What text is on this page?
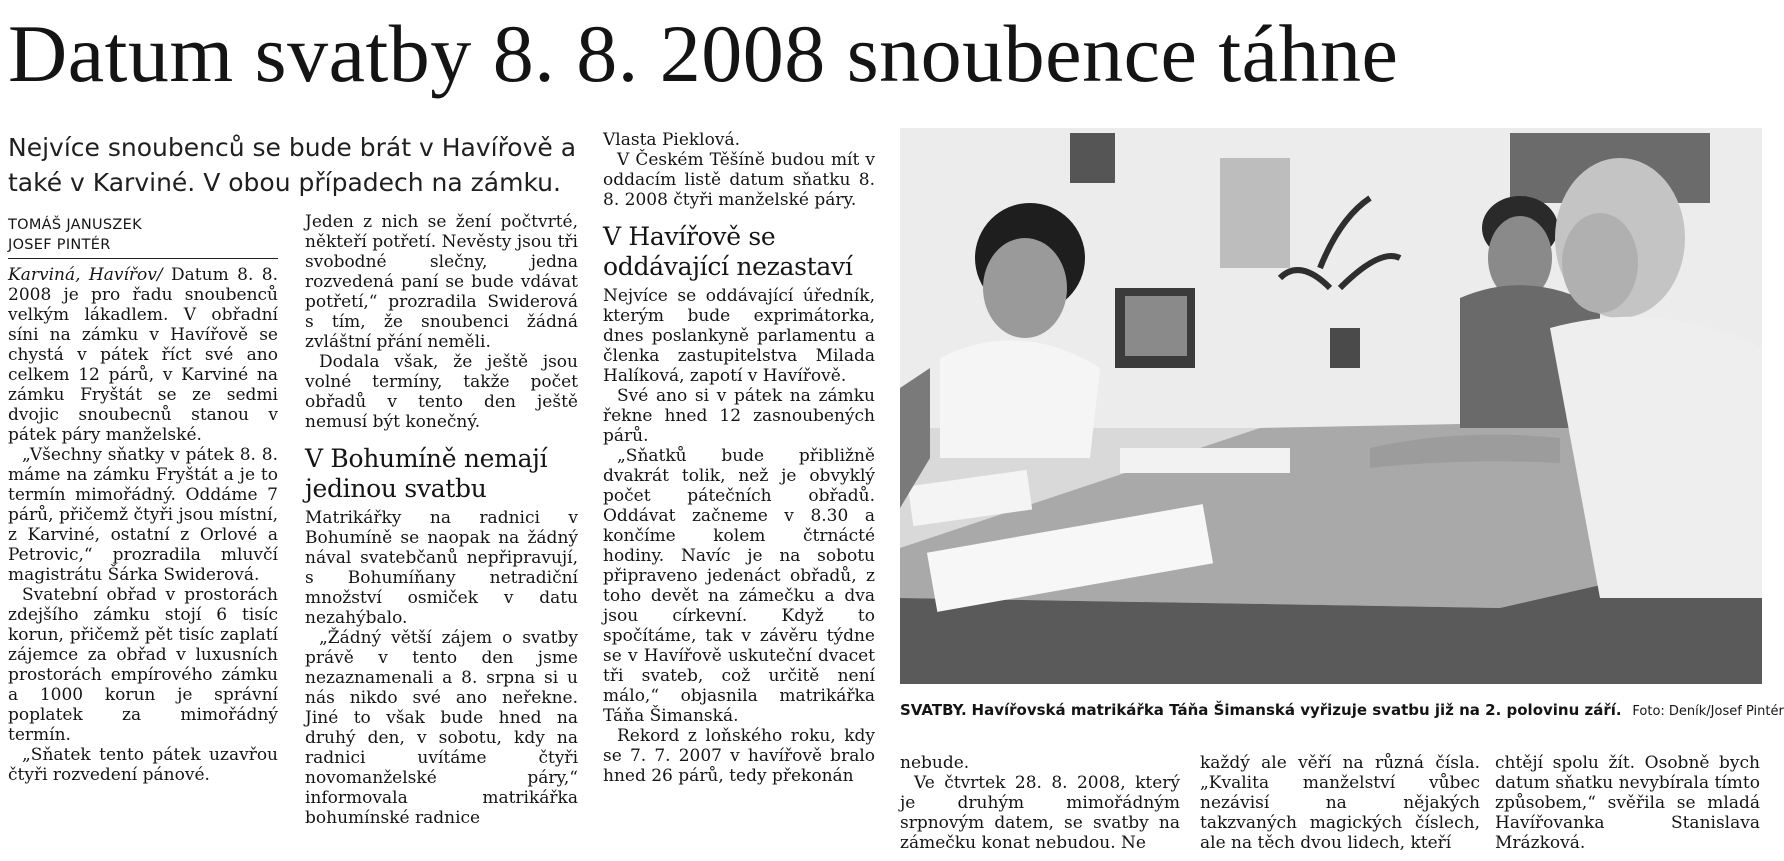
Datum svatby 8. 8. 2008 snoubence táhne
Nejvíce snoubenců se bude brát v Havířově a také v Karviné. V obou případech na zámku.
TOMÁŠ JANUSZEK
JOSEF PINTÉR

Karviná, Havířov/ Datum 8. 8. 2008 je pro řadu snoubenců velkým lákadlem. V obřadní síni na zámku v Havířově se chystá v pátek říct své ano celkem 12 párů, v Karviné na zámku Fryštát se ze sedmi dvojic snoubecnů stanou v pátek páry manželské.

„Všechny sňatky v pátek 8. 8. máme na zámku Fryštát a je to termín mimořádný. Oddáme 7 párů, přičemž čtyři jsou místní, z Karviné, ostatní z Orlové a Petrovic,“ prozradila mluvčí magistrátu Šárka Swiderová.

Svatební obřad v prostorách zdejšího zámku stojí 6 tisíc korun, přičemž pět tisíc zaplatí zájemce za obřad v luxusních prostorách empírového zámku a 1000 korun je správní poplatek za mimořádný termín.

„Sňatek tento pátek uzavřou čtyři rozvedení pánové.

Jeden z nich se žení počtvrté, někteří potřetí. Nevěsty jsou tři svobodné slečny, jedna rozvedená paní se bude vdávat potřetí,“ prozradila Swiderová s tím, že snoubenci žádná zvláštní přání neměli.

Dodala však, že ještě jsou volné termíny, takže počet obřadů v tento den ještě nemusí být konečný.

V Bohumíně nemají jedinou svatbu

Matrikářky na radnici v Bohumíně se naopak na žádný nával svatebčanů nepřipravují, s Bohumíňany netradiční množství osmiček v datu nezahýbalo.

„Žádný větší zájem o svatby právě v tento den jsme nezaznamenali a 8. srpna si u nás nikdo své ano neřekne. Jiné to však bude hned na druhý den, v sobotu, kdy na radnici uvítáme čtyři novomanželské páry,“ informovala matrikářka bohumínské radnice

Vlasta Pieklová.

V Českém Těšíně budou mít v oddacím listě datum sňatku 8. 8. 2008 čtyři manželské páry.

V Havířově se oddávající nezastaví

Nejvíce se oddávající úředník, kterým bude exprimátorka, dnes poslankyně parlamentu a členka zastupitelstva Milada Halíková, zapotí v Havířově.

Své ano si v pátek na zámku řekne hned 12 zasnoubených párů.

„Sňatků bude přibližně dvakrát tolik, než je obvyklý počet pátečních obřadů. Oddávat začneme v 8.30 a končíme kolem čtrnácté hodiny. Navíc je na sobotu připraveno jedenáct obřadů, z toho devět na zámečku a dva jsou církevní. Když to spočítáme, tak v závěru týdne se v Havířově uskuteční dvacet tři svateb, což určitě není málo,“ objasnila matrikářka Táňa Šimanská.

Rekord z loňského roku, kdy se 7. 7. 2007 v havířově bralo hned 26 párů, tedy překonán

SVATBY. Havířovská matrikářka Táňa Šimanská vyřizuje svatbu již na 2. polovinu září. Foto: Deník/Josef Pintér

nebude.

Ve čtvrtek 28. 8. 2008, který je druhým mimořádným srpnovým datem, se svatby na zámečku konat nebudou. Ne

každý ale věří na různá čísla. „Kvalita manželství vůbec nezávisí na nějakých takzvaných magických číslech, ale na těch dvou lidech, kteří

chtějí spolu žít. Osobně bych datum sňatku nevybírala tímto způsobem,“ svěřila se mladá Havířovanka Stanislava Mrázková.
